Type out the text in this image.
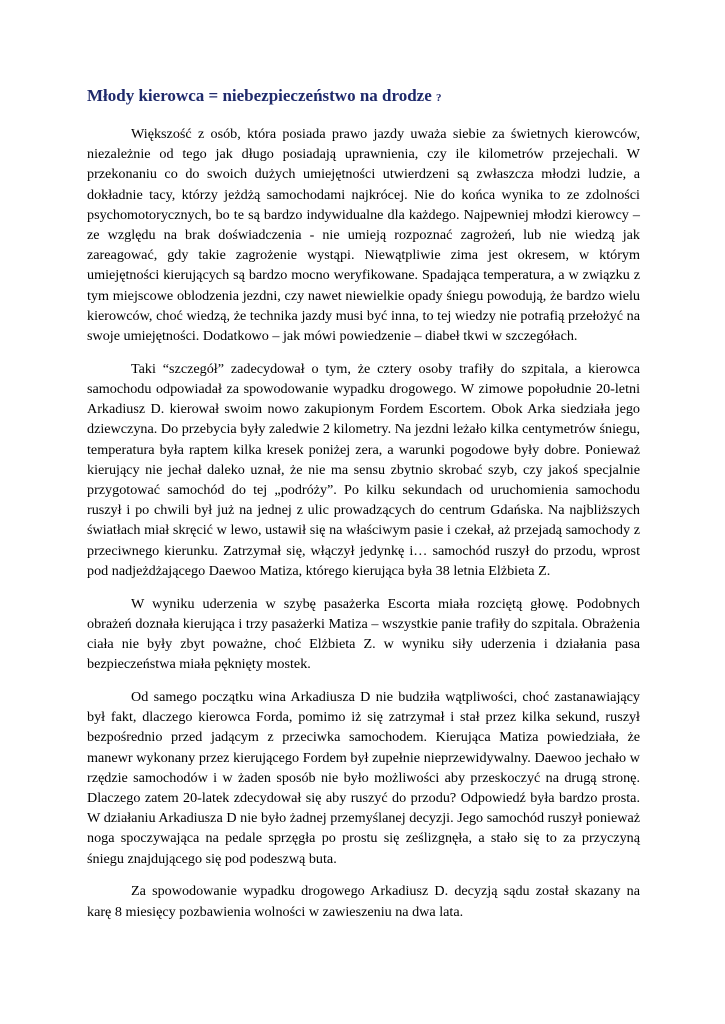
Młody kierowca = niebezpieczeństwo na drodze ?

Większość z osób, która posiada prawo jazdy uważa siebie za świetnych kierowców, niezależnie od tego jak długo posiadają uprawnienia, czy ile kilometrów przejechali. W przekonaniu co do swoich dużych umiejętności utwierdzeni są zwłaszcza młodzi ludzie, a dokładnie tacy, którzy jeżdżą samochodami najkrócej. Nie do końca wynika to ze zdolności psychomotorycznych, bo te są bardzo indywidualne dla każdego. Najpewniej młodzi kierowcy – ze względu na brak doświadczenia - nie umieją rozpoznać zagrożeń, lub nie wiedzą jak zareagować, gdy takie zagrożenie wystąpi. Niewątpliwie zima jest okresem, w którym umiejętności kierujących są bardzo mocno weryfikowane. Spadająca temperatura, a w związku z tym miejscowe oblodzenia jezdni, czy nawet niewielkie opady śniegu powodują, że bardzo wielu kierowców, choć wiedzą, że technika jazdy musi być inna, to tej wiedzy nie potrafią przełożyć na swoje umiejętności. Dodatkowo – jak mówi powiedzenie – diabeł tkwi w szczegółach.

Taki “szczegół” zadecydował o tym, że cztery osoby trafiły do szpitala, a kierowca samochodu odpowiadał za spowodowanie wypadku drogowego. W zimowe popołudnie 20-letni Arkadiusz D. kierował swoim nowo zakupionym Fordem Escortem. Obok Arka siedziała jego dziewczyna. Do przebycia były zaledwie 2 kilometry. Na jezdni leżało kilka centymetrów śniegu, temperatura była raptem kilka kresek poniżej zera, a warunki pogodowe były dobre. Ponieważ kierujący nie jechał daleko uznał, że nie ma sensu zbytnio skrobać szyb, czy jakoś specjalnie przygotować samochód do tej „podróży”. Po kilku sekundach od uruchomienia samochodu ruszył i po chwili był już na jednej z ulic prowadzących do centrum Gdańska. Na najbliższych światłach miał skręcić w lewo, ustawił się na właściwym pasie i czekał, aż przejadą samochody z przeciwnego kierunku. Zatrzymał się, włączył jedynkę i… samochód ruszył do przodu, wprost pod nadjeżdżającego Daewoo Matiza, którego kierująca była 38 letnia Elżbieta Z.

W wyniku uderzenia w szybę pasażerka Escorta miała rozciętą głowę. Podobnych obrażeń doznała kierująca i trzy pasażerki Matiza – wszystkie panie trafiły do szpitala. Obrażenia ciała nie były zbyt poważne, choć Elżbieta Z. w wyniku siły uderzenia i działania pasa bezpieczeństwa miała pęknięty mostek.

Od samego początku wina Arkadiusza D nie budziła wątpliwości, choć zastanawiający był fakt, dlaczego kierowca Forda, pomimo iż się zatrzymał i stał przez kilka sekund, ruszył bezpośrednio przed jadącym z przeciwka samochodem. Kierująca Matiza powiedziała, że manewr wykonany przez kierującego Fordem był zupełnie nieprzewidywalny. Daewoo jechało w rzędzie samochodów i w żaden sposób nie było możliwości aby przeskoczyć na drugą stronę. Dlaczego zatem 20-latek zdecydował się aby ruszyć do przodu? Odpowiedź była bardzo prosta. W działaniu Arkadiusza D nie było żadnej przemyślanej decyzji. Jego samochód ruszył ponieważ noga spoczywająca na pedale sprzęgła po prostu się ześlizgnęła, a stało się to za przyczyną śniegu znajdującego się pod podeszwą buta.

Za spowodowanie wypadku drogowego Arkadiusz D. decyzją sądu został skazany na karę 8 miesięcy pozbawienia wolności w zawieszeniu na dwa lata.
